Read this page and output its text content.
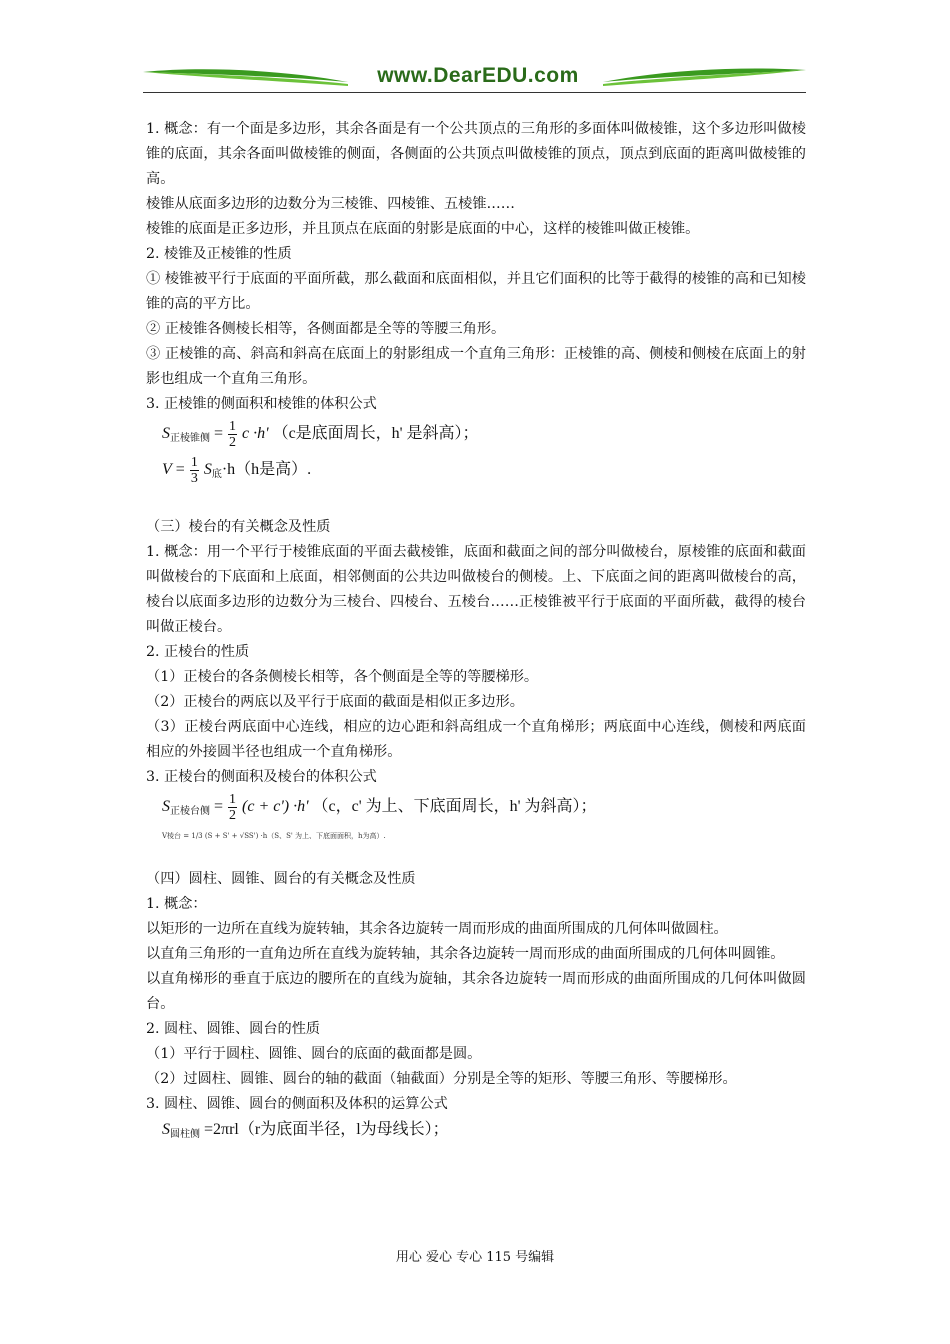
www.DearEDU.com

1. 概念：有一个面是多边形，其余各面是有一个公共顶点的三角形的多面体叫做棱锥，这个多边形叫做棱锥的底面，其余各面叫做棱锥的侧面，各侧面的公共顶点叫做棱锥的顶点，顶点到底面的距离叫做棱锥的高。

棱锥从底面多边形的边数分为三棱锥、四棱锥、五棱锥……

棱锥的底面是正多边形，并且顶点在底面的射影是底面的中心，这样的棱锥叫做正棱锥。

2. 棱锥及正棱锥的性质

① 棱锥被平行于底面的平面所截，那么截面和底面相似，并且它们面积的比等于截得的棱锥的高和已知棱锥的高的平方比。

② 正棱锥各侧棱长相等，各侧面都是全等的等腰三角形。

③ 正棱锥的高、斜高和斜高在底面上的射影组成一个直角三角形：正棱锥的高、侧棱和侧棱在底面上的射影也组成一个直角三角形。

3. 正棱锥的侧面积和棱锥的体积公式

$S_{正棱锥侧} = \frac{1}{2}$ c ·h' （c是底面周长，h' 是斜高）；
$V = \frac{1}{3} S_底\cdot h(h$是高）.

（三）棱台的有关概念及性质

1. 概念：用一个平行于棱锥底面的平面去截棱锥，底面和截面之间的部分叫做棱台，原棱锥的底面和截面叫做棱台的下底面和上底面，相邻侧面的公共边叫做棱台的侧棱。上、下底面之间的距离叫做棱台的高，棱台以底面多边形的边数分为三棱台、四棱台、五棱台……正棱锥被平行于底面的平面所截，截得的棱台叫做正棱台。

2. 正棱台的性质

（1）正棱台的各条侧棱长相等，各个侧面是全等的等腰梯形。

（2）正棱台的两底以及平行于底面的截面是相似正多边形。

（3）正棱台两底面中心连线，相应的边心距和斜高组成一个直角梯形；两底面中心连线，侧棱和两底面相应的外接圆半径也组成一个直角梯形。

3. 正棱台的侧面积及棱台的体积公式

$S_{正棱台侧} = \frac{1}{2} (c + c') \cdot h'$ （c，c' 为上、下底面周长，h' 为斜高）；
V棱台 = 1/3 (S + S' + √SS') ·h（S、S' 为上、下底面面积，h为高）.

（四）圆柱、圆锥、圆台的有关概念及性质

1. 概念：

以矩形的一边所在直线为旋转轴，其余各边旋转一周而形成的曲面所围成的几何体叫做圆柱。

以直角三角形的一直角边所在直线为旋转轴，其余各边旋转一周而形成的曲面所围成的几何体叫圆锥。

以直角梯形的垂直于底边的腰所在的直线为旋轴，其余各边旋转一周而形成的曲面所围成的几何体叫做圆台。

2. 圆柱、圆锥、圆台的性质

（1）平行于圆柱、圆锥、圆台的底面的截面都是圆。

（2）过圆柱、圆锥、圆台的轴的截面（轴截面）分别是全等的矩形、等腰三角形、等腰梯形。

3. 圆柱、圆锥、圆台的侧面积及体积的运算公式

$S_{圆柱侧} =2\pi rl(r$为底面半径，l为母线长）；
用心 爱心 专心 115 号编辑
